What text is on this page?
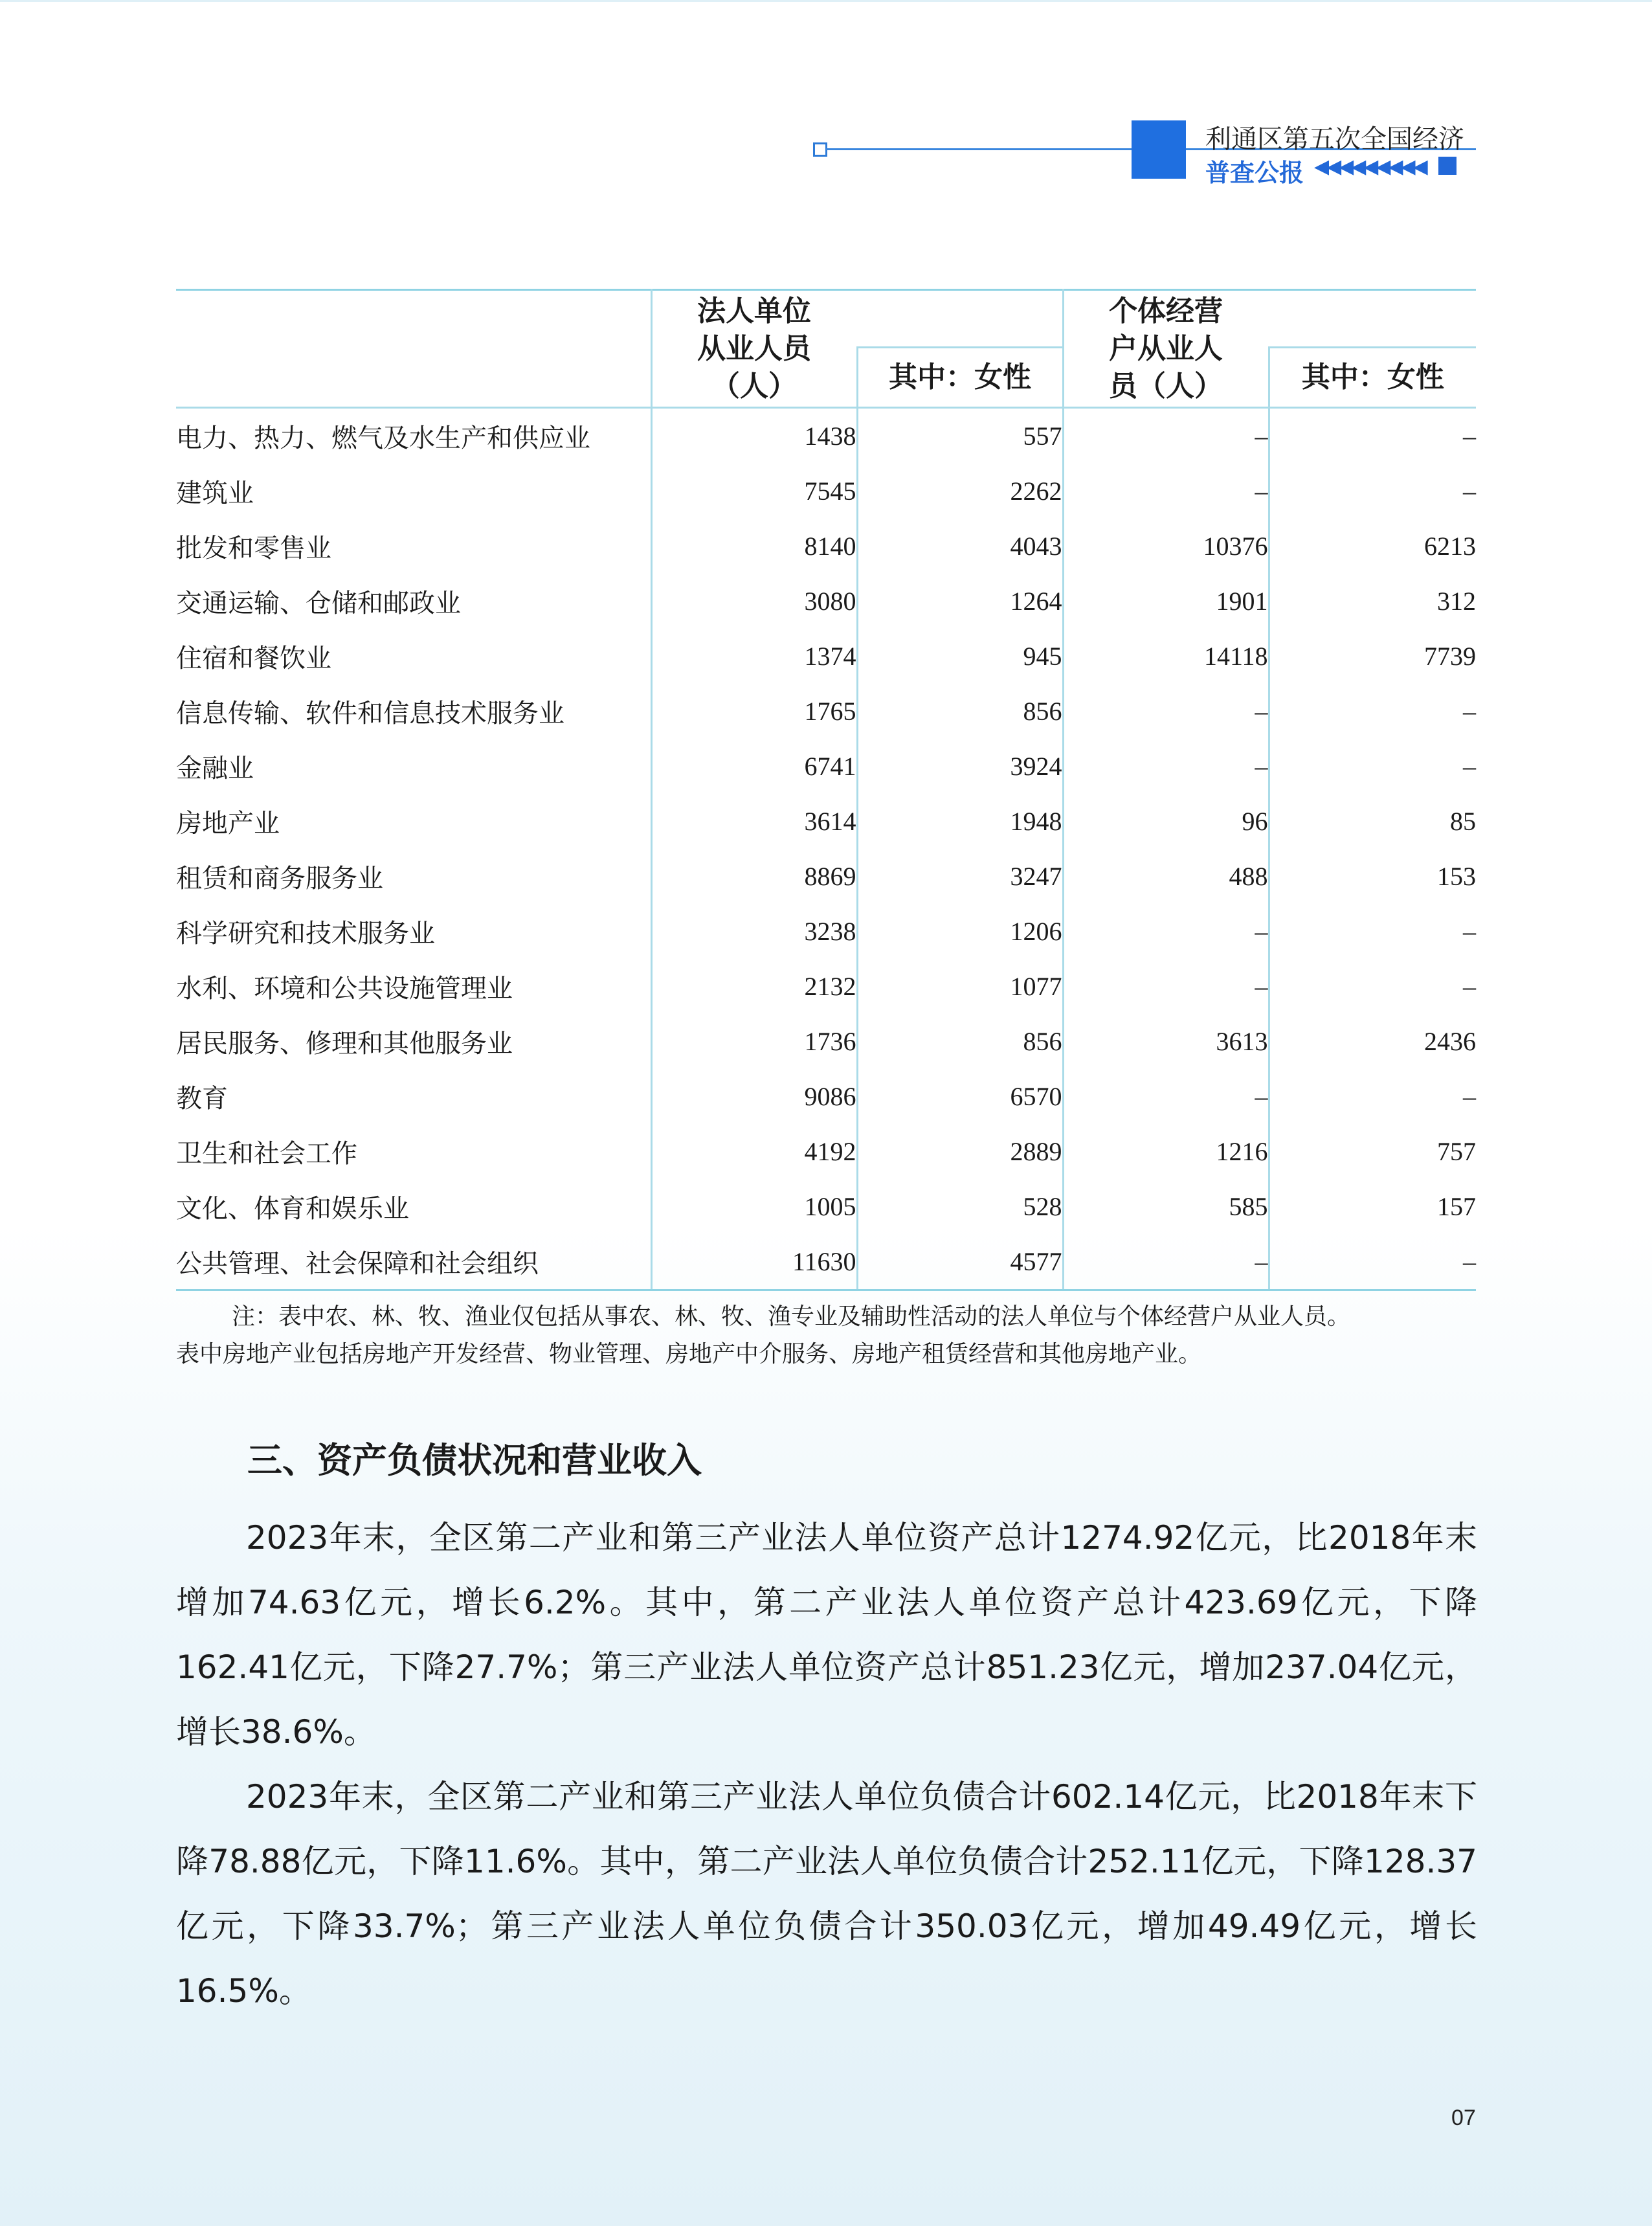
利通区第五次全国经济
普查公报 ◀◀◀◀◀◀◀◀◀
	法人单位从业人员（人）		个体经营户从业人员（人）	
		其中：女性		其中：女性
电力、热力、燃气及水生产和供应业	1438	557	–	–
建筑业	7545	2262	–	–
批发和零售业	8140	4043	10376	6213
交通运输、仓储和邮政业	3080	1264	1901	312
住宿和餐饮业	1374	945	14118	7739
信息传输、软件和信息技术服务业	1765	856	–	–
金融业	6741	3924	–	–
房地产业	3614	1948	96	85
租赁和商务服务业	8869	3247	488	153
科学研究和技术服务业	3238	1206	–	–
水利、环境和公共设施管理业	2132	1077	–	–
居民服务、修理和其他服务业	1736	856	3613	2436
教育	9086	6570	–	–
卫生和社会工作	4192	2889	1216	757
文化、体育和娱乐业	1005	528	585	157
公共管理、社会保障和社会组织	11630	4577	–	–

注：表中农、林、牧、渔业仅包括从事农、林、牧、渔专业及辅助性活动的法人单位与个体经营户从业人员。

表中房地产业包括房地产开发经营、物业管理、房地产中介服务、房地产租赁经营和其他房地产业。

三、资产负债状况和营业收入

2023年末，全区第二产业和第三产业法人单位资产总计1274.92亿元，比2018年末增加74.63亿元，增长6.2%。其中，第二产业法人单位资产总计423.69亿元，下降162.41亿元，下降27.7%；第三产业法人单位资产总计851.23亿元，增加237.04亿元，增长38.6%。

2023年末，全区第二产业和第三产业法人单位负债合计602.14亿元，比2018年末下降78.88亿元，下降11.6%。其中，第二产业法人单位负债合计252.11亿元，下降128.37亿元，下降33.7%；第三产业法人单位负债合计350.03亿元，增加49.49亿元，增长16.5%。

07
